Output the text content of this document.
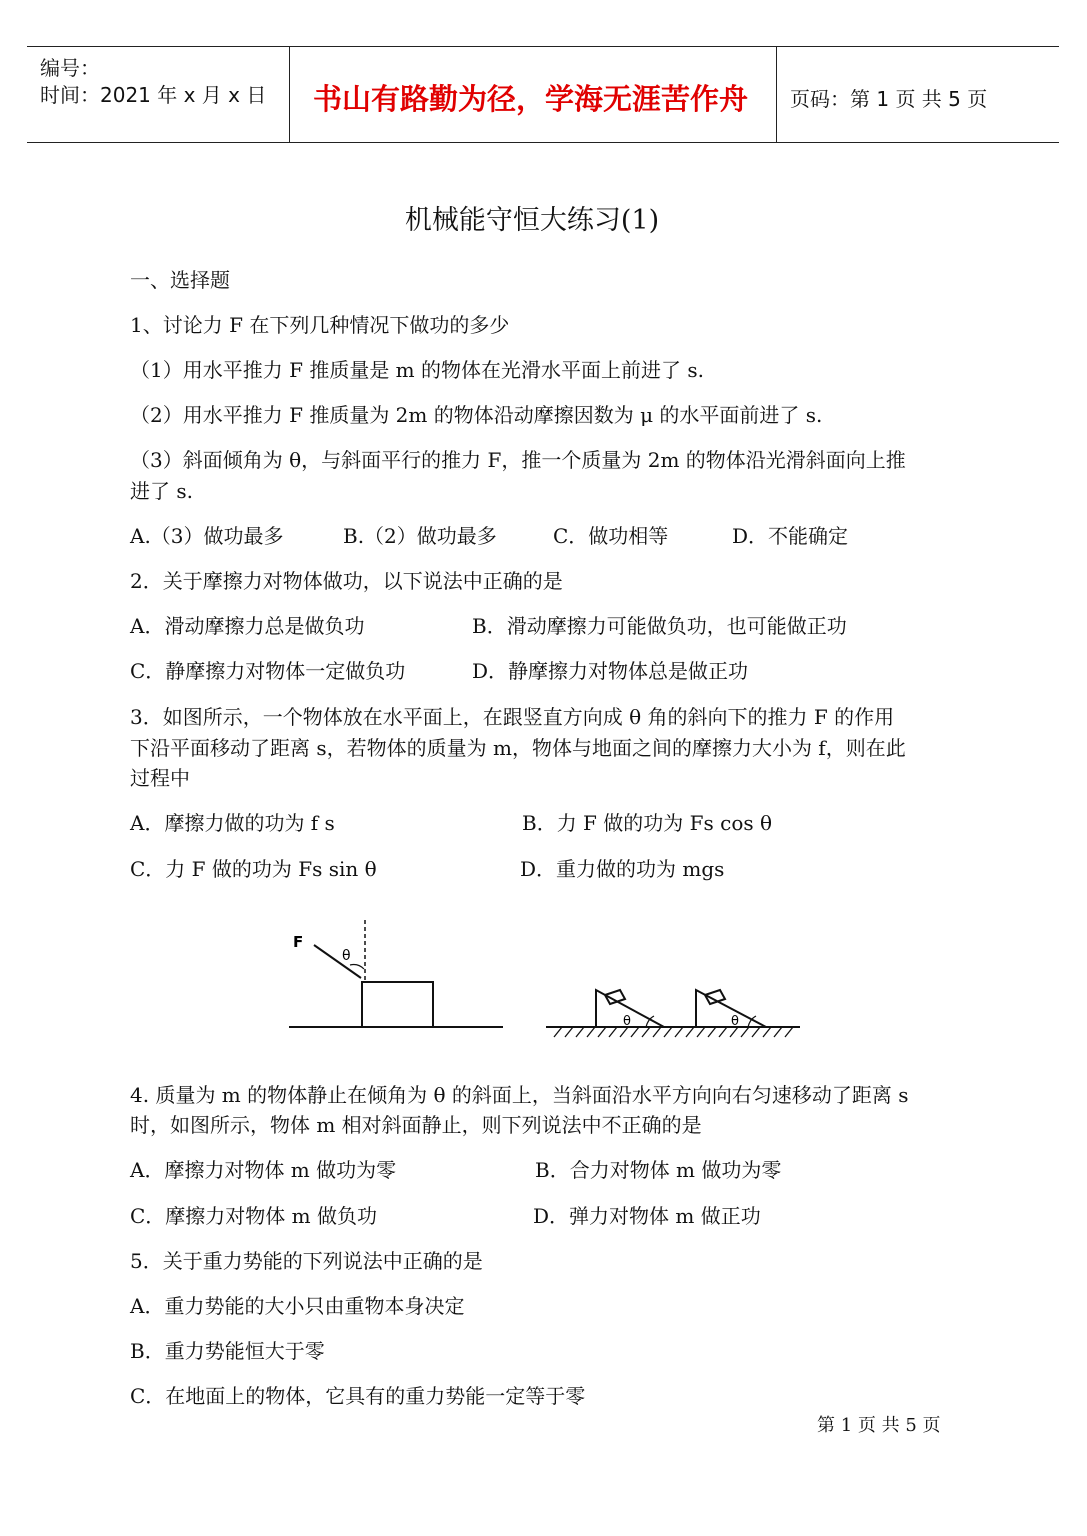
编号：
时间：2021 年 x 月 x 日 书山有路勤为径，学海无涯苦作舟 页码：第 1 页 共 5 页
机械能守恒大练习(1)
一、选择题
1、讨论力 F 在下列几种情况下做功的多少
（1）用水平推力 F 推质量是 m 的物体在光滑水平面上前进了 s.
（2）用水平推力 F 推质量为 2m 的物体沿动摩擦因数为 μ 的水平面前进了 s.
（3）斜面倾角为 θ，与斜面平行的推力 F，推一个质量为 2m 的物体沿光滑斜面向上推
进了 s.
A.（3）做功最多	B.（2）做功最多	C．做功相等	D．不能确定
2．关于摩擦力对物体做功，以下说法中正确的是
A．滑动摩擦力总是做负功	B．滑动摩擦力可能做负功，也可能做正功
C．静摩擦力对物体一定做负功	D．静摩擦力对物体总是做正功
3．如图所示，一个物体放在水平面上，在跟竖直方向成 θ 角的斜向下的推力 F 的作用
下沿平面移动了距离 s，若物体的质量为 m，物体与地面之间的摩擦力大小为 f，则在此
过程中
A．摩擦力做的功为 f s	B．力 F 做的功为 Fs cos θ
C．力 F 做的功为 Fs sin θ	D．重力做的功为 mgs
F
θ
θ	θ
4. 质量为 m 的物体静止在倾角为 θ 的斜面上，当斜面沿水平方向向右匀速移动了距离 s
时，如图所示，物体 m 相对斜面静止，则下列说法中不正确的是
A．摩擦力对物体 m 做功为零	B．合力对物体 m 做功为零
C．摩擦力对物体 m 做负功	D．弹力对物体 m 做正功
5．关于重力势能的下列说法中正确的是
A．重力势能的大小只由重物本身决定
B．重力势能恒大于零
C．在地面上的物体，它具有的重力势能一定等于零
第 1 页 共 5 页
